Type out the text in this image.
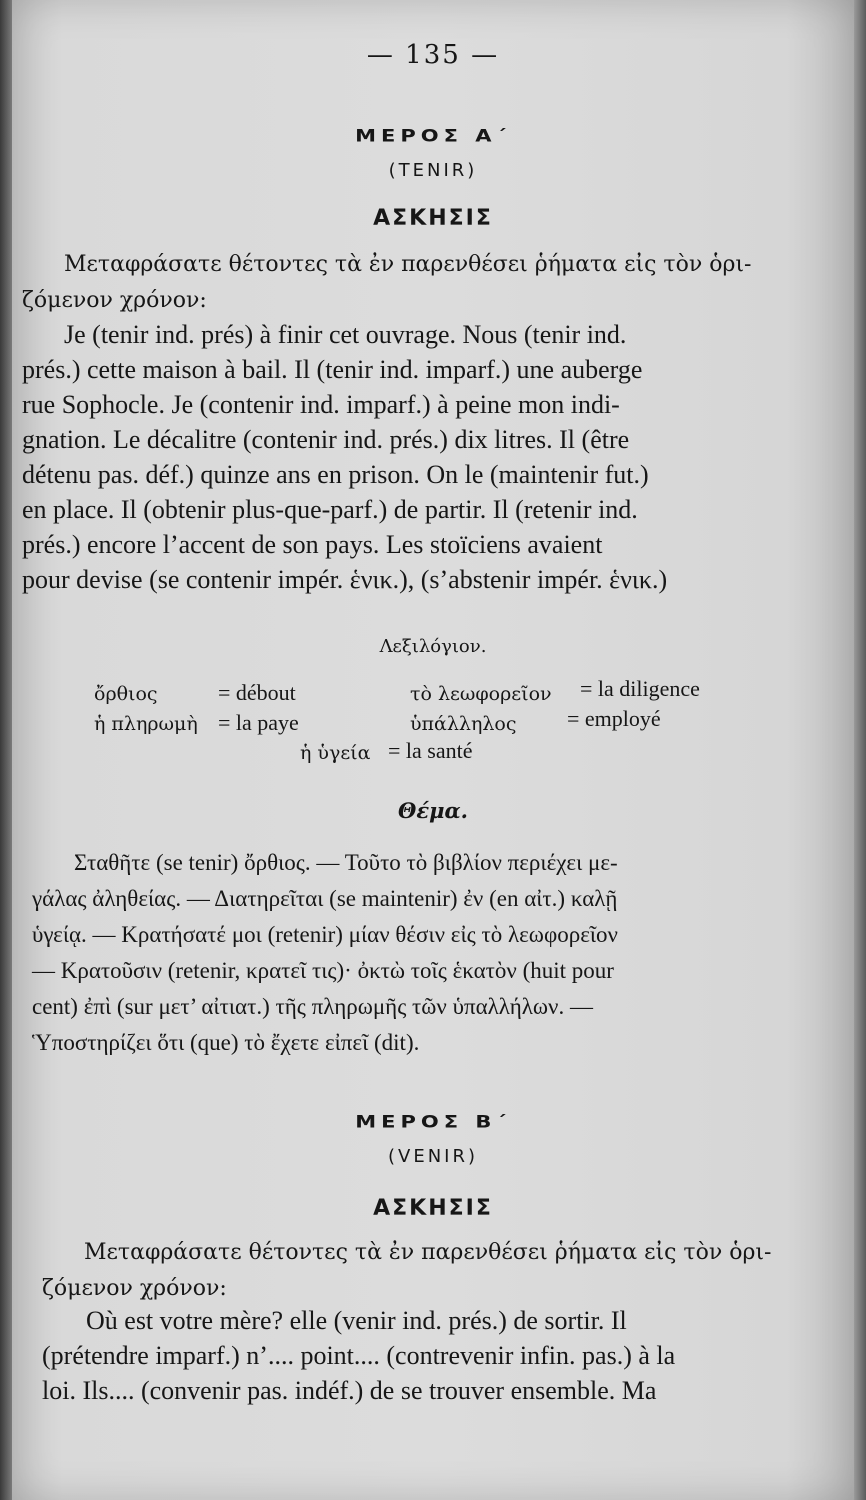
— 135 —
ΜΕΡΟΣ Α΄
(TENIR)
ΑΣΚΗΣΙΣ
Μεταφράσατε θέτοντες τὰ ἐν παρενθέσει ῥήματα εἰς τὸν ὁρι-
ζόμενον χρόνον:
Je (tenir ind. prés) à finir cet ouvrage. Nous (tenir ind.
prés.) cette maison à bail. Il (tenir ind. imparf.) une auberge
rue Sophocle. Je (contenir ind. imparf.) à peine mon indi-
gnation. Le décalitre (contenir ind. prés.) dix litres. Il (être
détenu pas. déf.) quinze ans en prison. On le (maintenir fut.)
en place. Il (obtenir plus-que-parf.) de partir. Il (retenir ind.
prés.) encore l’accent de son pays. Les stoïciens avaient
pour devise (se contenir impér. ἑνικ.), (s’abstenir impér. ἑνικ.)
Λεξιλόγιον.
ὄρθιος	= débout	τὸ λεωφορεῖον = la diligence
ἡ πληρωμὴ = la paye	ὑπάλληλος = employé
ἡ ὑγεία = la santé
Θέμα.
Σταθῆτε (se tenir) ὄρθιος. — Τοῦτο τὸ βιβλίον περιέχει με-
γάλας ἀληθείας. — Διατηρεῖται (se maintenir) ἐν (en αἰτ.) καλῇ
ὑγείᾳ. — Κρατήσατέ μοι (retenir) μίαν θέσιν εἰς τὸ λεωφορεῖον
— Κρατοῦσιν (retenir, κρατεῖ τις)· ὀκτὼ τοῖς ἑκατὸν (huit pour
cent) ἐπὶ (sur μετ’ αἰτιατ.) τῆς πληρωμῆς τῶν ὑπαλλήλων. —
Ὑποστηρίζει ὅτι (que) τὸ ἔχετε εἰπεῖ (dit).
ΜΕΡΟΣ Β΄
(VENIR)
ΑΣΚΗΣΙΣ
Μεταφράσατε θέτοντες τὰ ἐν παρενθέσει ῥήματα εἰς τὸν ὁρι-
ζόμενον χρόνον:
Où est votre mère? elle (venir ind. prés.) de sortir. Il
(prétendre imparf.) n’.... point.... (contrevenir infin. pas.) à la
loi. Ils.... (convenir pas. indéf.) de se trouver ensemble. Ma
